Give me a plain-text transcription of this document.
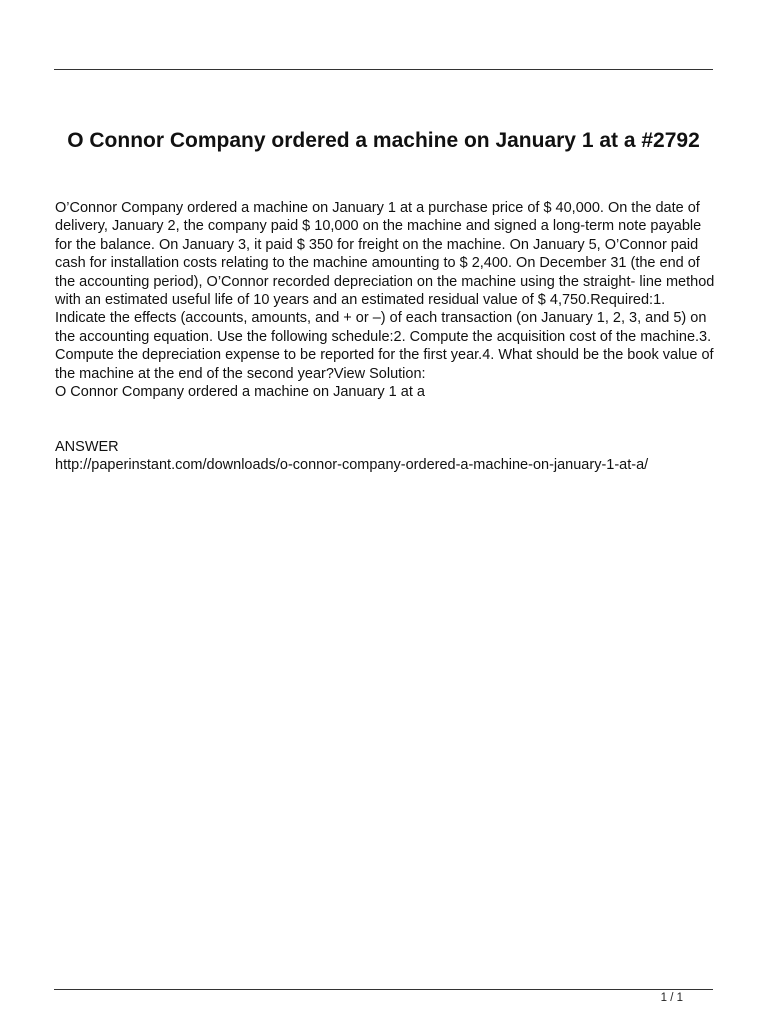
O Connor Company ordered a machine on January 1 at a #2792

O’Connor Company ordered a machine on January 1 at a purchase price of $ 40,000. On the date of delivery, January 2, the company paid $ 10,000 on the machine and signed a long-term note payable for the balance. On January 3, it paid $ 350 for freight on the machine. On January 5, O’Connor paid cash for installation costs relating to the machine amounting to $ 2,400. On December 31 (the end of the accounting period), O’Connor recorded depreciation on the machine using the straight- line method with an estimated useful life of 10 years and an estimated residual value of $ 4,750.Required:1. Indicate the effects (accounts, amounts, and + or –) of each transaction (on January 1, 2, 3, and 5) on the accounting equation. Use the following schedule:2. Compute the acquisition cost of the machine.3. Compute the depreciation expense to be reported for the first year.4. What should be the book value of the machine at the end of the second year?View Solution:

O Connor Company ordered a machine on January 1 at a
ANSWER
http://paperinstant.com/downloads/o-connor-company-ordered-a-machine-on-january-1-at-a/
1 / 1
